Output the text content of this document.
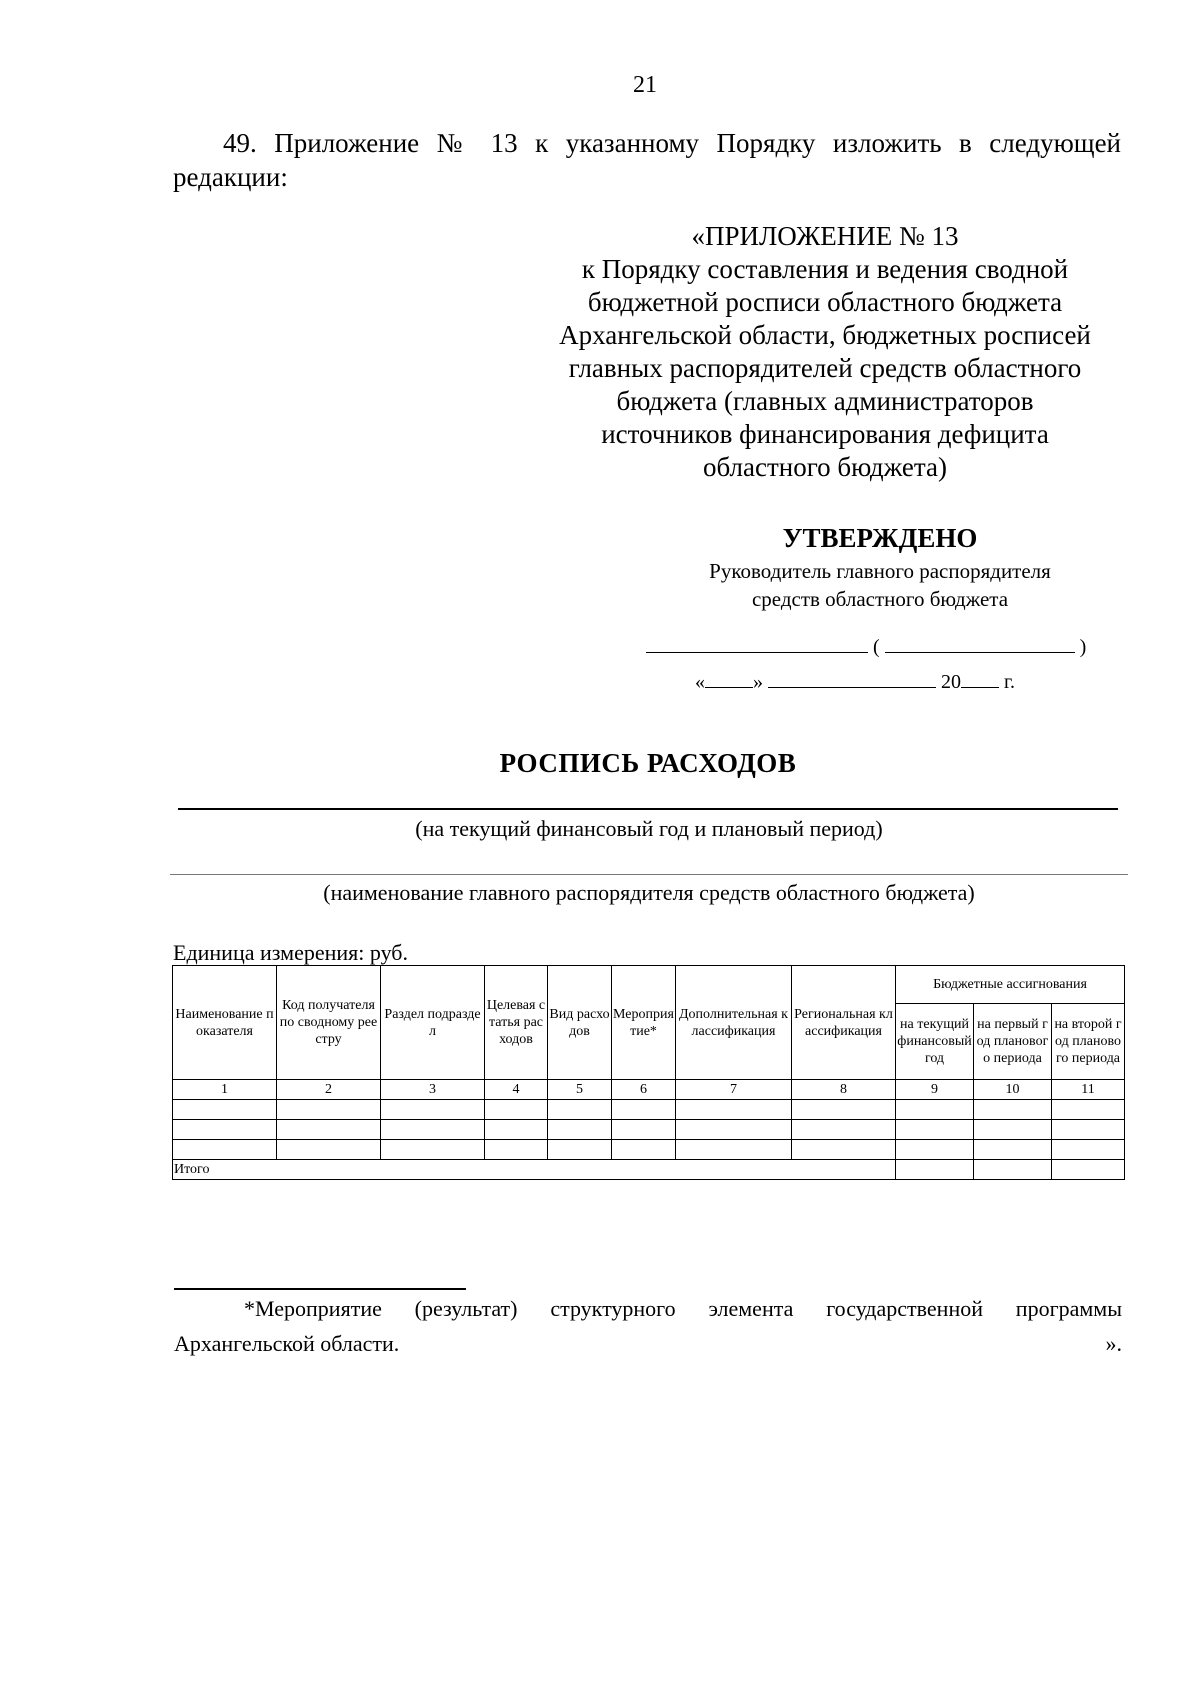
21
49. Приложение № 13 к указанному Порядку изложить в следующей редакции:
«ПРИЛОЖЕНИЕ № 13
к Порядку составления и ведения сводной
бюджетной росписи областного бюджета
Архангельской области, бюджетных росписей
главных распорядителей средств областного
бюджета (главных администраторов
источников финансирования дефицита
областного бюджета)
УТВЕРЖДЕНО
Руководитель главного распорядителя
средств областного бюджета
(	)
« »	20 г.
РОСПИСЬ РАСХОДОВ
(на текущий финансовый год и плановый период)
(наименование главного распорядителя средств областного бюджета)
Единица измерения: руб.
Наименование показателя	Код получателя по сводному реестру	Раздел подраздел	Целевая статья расходов	Вид расходов	Мероприятие*	Дополнительная классификация	Региональная классификация	Бюджетные ассигнования		
								на текущий финансовый год	на первый год планового периода	на второй год планового периода
1	2	3	4	5	6	7	8	9	10	11

Итого										
*Мероприятие (результат) структурного элемента государственной программы
Архангельской области.	».
